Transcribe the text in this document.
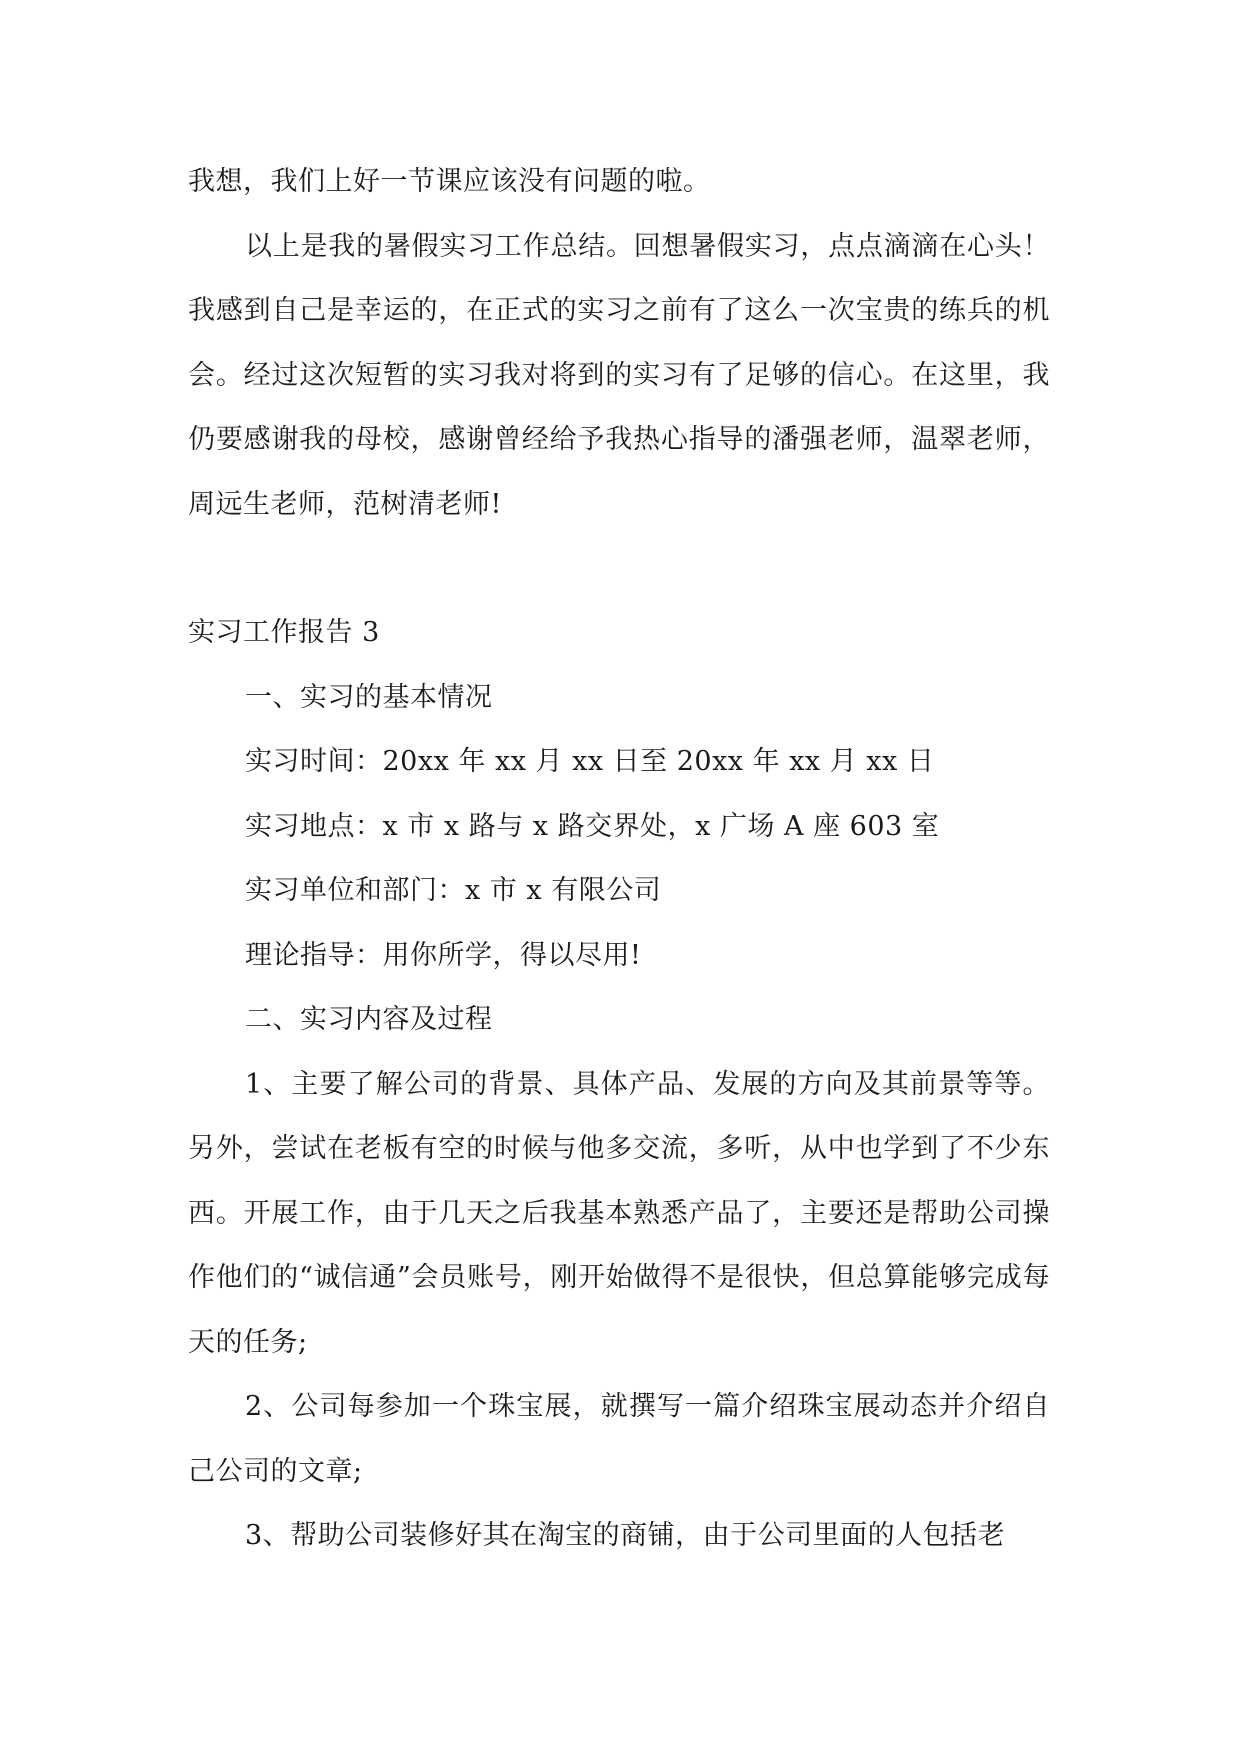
我想，我们上好一节课应该没有问题的啦。

以上是我的暑假实习工作总结。回想暑假实习，点点滴滴在心头！我感到自己是幸运的，在正式的实习之前有了这么一次宝贵的练兵的机会。经过这次短暂的实习我对将到的实习有了足够的信心。在这里，我仍要感谢我的母校，感谢曾经给予我热心指导的潘强老师，温翠老师，周远生老师，范树清老师!

实习工作报告 3

一、实习的基本情况

实习时间：20xx 年 xx 月 xx 日至 20xx 年 xx 月 xx 日

实习地点：x 市 x 路与 x 路交界处，x 广场 A 座 603 室

实习单位和部门：x 市 x 有限公司

理论指导：用你所学，得以尽用!

二、实习内容及过程

1、主要了解公司的背景、具体产品、发展的方向及其前景等等。另外，尝试在老板有空的时候与他多交流，多听，从中也学到了不少东西。开展工作，由于几天之后我基本熟悉产品了，主要还是帮助公司操作他们的“诚信通”会员账号，刚开始做得不是很快，但总算能够完成每天的任务;

2、公司每参加一个珠宝展，就撰写一篇介绍珠宝展动态并介绍自己公司的文章;

3、帮助公司装修好其在淘宝的商铺，由于公司里面的人包括老
